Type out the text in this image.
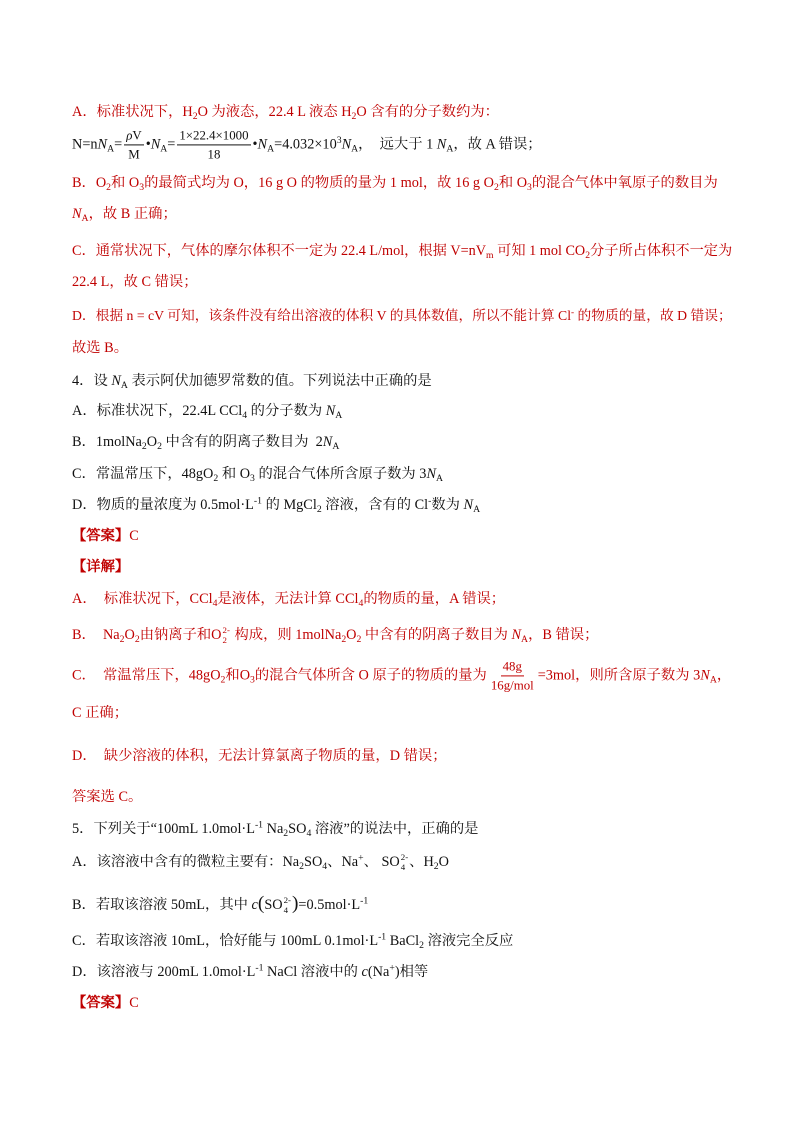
A．标准状况下，$H_2O$ 为液态，22.4 L 液态 $H_2O$ 含有的分子数约为：
$N=nN_A= \frac{\rho V}{M}$ $•N_A= \frac{1\times 22.4\times 1000}{18}$ $•N_A=4.032\times 10^3N_A$，  远大于 1 $N_A$，故 A 错误；
B．$O_2$和 $O_3$的最简式均为 O，16 g O 的物质的量为 1 mol，故 16 g $O_2$和 $O_3$的混合气体中氧原子的数目为
$N_A$，故 B 正确；
C．通常状况下，气体的摩尔体积不一定为 22.4 L/mol，根据 $V=nV_m$ 可知 1 mol $CO_2$分子所占体积不一定为
22.4 L，故 C 错误；
D．根据 n = cV 可知，该条件没有给出溶液的体积 V 的具体数值，所以不能计算 Cl- 的物质的量，故 D 错误；
故选 B。
4．设 $N_A$ 表示阿伏加德罗常数的值。下列说法中正确的是
A．标准状况下，22.4L CCl$_4$ 的分子数为 $N_A$
B．$1molNa_2O_2$ 中含有的阴离子数目为  $2N_A$
C．常温常压下，$48gO_2$ 和 $O_3$ 的混合气体所含原子数为 $3N_A$
D．物质的量浓度为 $0.5mol\cdot L^{-1}$ 的 MgCl$_2$ 溶液，含有的 Cl-数为 $N_A$
【答案】C
【详解】
A．  标准状况下，CCl$_4$是液体，无法计算 CCl$_4$的物质的量，A 错误；
B．  $Na_2O_2$由钠离子和O 2-
2 构成，则 $1molNa_2O_2$ 中含有的阴离子数目为 $N_A$，B 错误；
C．  常温常压下，$48gO_2$和$O_3$的混合气体所含 O 原子的物质的量为 $\frac{48g}{\text{16g/mol}} =3mol$，则所含原子数为 $3N_A$，
C 正确；
D．  缺少溶液的体积，无法计算氯离子物质的量，D 错误；
答案选 C。
5．下列关于“100mL $1.0mol\cdot L^{-1}$ $Na_2SO_4$ 溶液”的说法中，正确的是
A．该溶液中含有的微粒主要有：$Na_2SO_4$、Na+、 SO 2-
4 、$H_2O$
B．若取该溶液 50mL，其中 c(SO 2-
4 )$=0.5mol\cdot L^{-1}$
C．若取该溶液 10mL，恰好能与 100mL $0.1mol\cdot L^{-1}$ BaCl$_2$ 溶液完全反应
D．该溶液与 200mL $1.0mol\cdot L^{-1}$ NaCl 溶液中的 c(Na+)相等
【答案】C
